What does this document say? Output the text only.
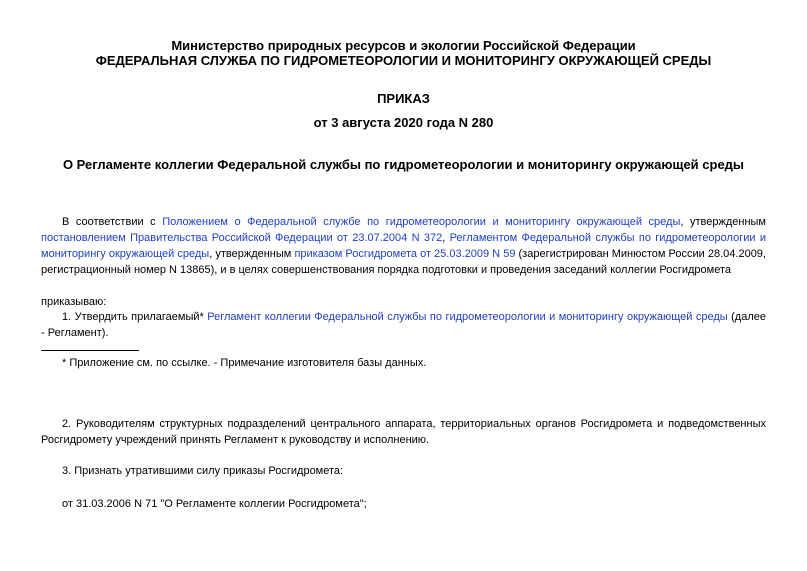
Министерство природных ресурсов и экологии Российской Федерации
ФЕДЕРАЛЬНАЯ СЛУЖБА ПО ГИДРОМЕТЕОРОЛОГИИ И МОНИТОРИНГУ ОКРУЖАЮЩЕЙ СРЕДЫ
ПРИКАЗ
от 3 августа 2020 года N 280
О Регламенте коллегии Федеральной службы по гидрометеорологии и мониторингу окружающей среды
В соответствии с Положением о Федеральной службе по гидрометеорологии и мониторингу окружающей среды, утвержденным постановлением Правительства Российской Федерации от 23.07.2004 N 372, Регламентом Федеральной службы по гидрометеорологии и мониторингу окружающей среды, утвержденным приказом Росгидромета от 25.03.2009 N 59 (зарегистрирован Минюстом России 28.04.2009, регистрационный номер N 13865), и в целях совершенствования порядка подготовки и проведения заседаний коллегии Росгидромета
приказываю:
1. Утвердить прилагаемый* Регламент коллегии Федеральной службы по гидрометеорологии и мониторингу окружающей среды (далее - Регламент).
* Приложение см. по ссылке. - Примечание изготовителя базы данных.
2. Руководителям структурных подразделений центрального аппарата, территориальных органов Росгидромета и подведомственных Росгидромету учреждений принять Регламент к руководству и исполнению.
3. Признать утратившими силу приказы Росгидромета:
от 31.03.2006 N 71 "О Регламенте коллегии Росгидромета";
